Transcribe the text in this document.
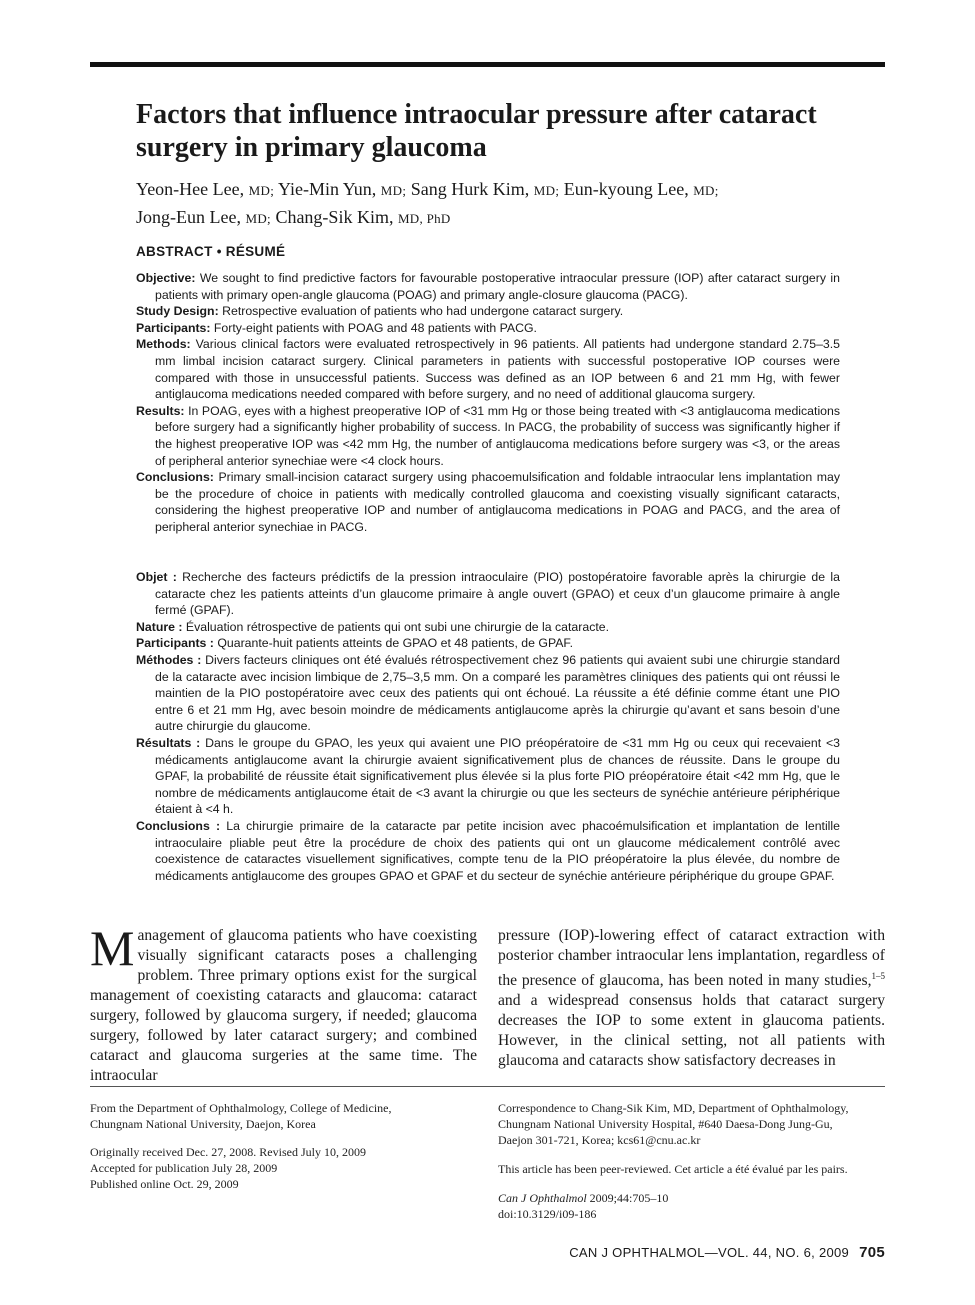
Factors that influence intraocular pressure after cataract surgery in primary glaucoma
Yeon-Hee Lee, MD; Yie-Min Yun, MD; Sang Hurk Kim, MD; Eun-kyoung Lee, MD;
Jong-Eun Lee, MD; Chang-Sik Kim, MD, PhD
ABSTRACT • RÉSUMÉ

Objective: We sought to find predictive factors for favourable postoperative intraocular pressure (IOP) after cataract surgery in patients with primary open-angle glaucoma (POAG) and primary angle-closure glaucoma (PACG).

Study Design: Retrospective evaluation of patients who had undergone cataract surgery.

Participants: Forty-eight patients with POAG and 48 patients with PACG.

Methods: Various clinical factors were evaluated retrospectively in 96 patients. All patients had undergone standard 2.75–3.5 mm limbal incision cataract surgery. Clinical parameters in patients with successful postoperative IOP courses were compared with those in unsuccessful patients. Success was defined as an IOP between 6 and 21 mm Hg, with fewer antiglaucoma medications needed compared with before surgery, and no need of additional glaucoma surgery.

Results: In POAG, eyes with a highest preoperative IOP of <31 mm Hg or those being treated with <3 antiglaucoma medications before surgery had a significantly higher probability of success. In PACG, the probability of success was significantly higher if the highest preoperative IOP was <42 mm Hg, the number of antiglaucoma medications before surgery was <3, or the areas of peripheral anterior synechiae were <4 clock hours.

Conclusions: Primary small-incision cataract surgery using phacoemulsification and foldable intraocular lens implantation may be the procedure of choice in patients with medically controlled glaucoma and coexisting visually significant cataracts, considering the highest preoperative IOP and number of antiglaucoma medications in POAG and PACG, and the area of peripheral anterior synechiae in PACG.

Objet : Recherche des facteurs prédictifs de la pression intraoculaire (PIO) postopératoire favorable après la chirurgie de la cataracte chez les patients atteints d’un glaucome primaire à angle ouvert (GPAO) et ceux d’un glaucome primaire à angle fermé (GPAF).

Nature : Évaluation rétrospective de patients qui ont subi une chirurgie de la cataracte.

Participants : Quarante-huit patients atteints de GPAO et 48 patients, de GPAF.

Méthodes : Divers facteurs cliniques ont été évalués rétrospectivement chez 96 patients qui avaient subi une chirurgie standard de la cataracte avec incision limbique de 2,75–3,5 mm. On a comparé les paramètres cliniques des patients qui ont réussi le maintien de la PIO postopératoire avec ceux des patients qui ont échoué. La réussite a été définie comme étant une PIO entre 6 et 21 mm Hg, avec besoin moindre de médicaments antiglaucome après la chirurgie qu’avant et sans besoin d’une autre chirurgie du glaucome.

Résultats : Dans le groupe du GPAO, les yeux qui avaient une PIO préopératoire de <31 mm Hg ou ceux qui recevaient <3 médicaments antiglaucome avant la chirurgie avaient significativement plus de chances de réussite. Dans le groupe du GPAF, la probabilité de réussite était significativement plus élevée si la plus forte PIO préopératoire était <42 mm Hg, que le nombre de médicaments antiglaucome était de <3 avant la chirurgie ou que les secteurs de synéchie antérieure périphérique étaient à <4 h.

Conclusions : La chirurgie primaire de la cataracte par petite incision avec phacoémulsification et implantation de lentille intraoculaire pliable peut être la procédure de choix des patients qui ont un glaucome médicalement contrôlé avec coexistence de cataractes visuellement significatives, compte tenu de la PIO préopératoire la plus élevée, du nombre de médicaments antiglaucome des groupes GPAO et GPAF et du secteur de synéchie antérieure périphérique du groupe GPAF.

Management of glaucoma patients who have coexisting visually significant cataracts poses a challenging problem. Three primary options exist for the surgical management of coexisting cataracts and glaucoma: cataract surgery, followed by glaucoma surgery, if needed; glaucoma surgery, followed by later cataract surgery; and combined cataract and glaucoma surgeries at the same time. The intraocular

pressure (IOP)-lowering effect of cataract extraction with posterior chamber intraocular lens implantation, regardless of the presence of glaucoma, has been noted in many studies,$^{1-5}$ and a widespread consensus holds that cataract surgery decreases the IOP to some extent in glaucoma patients. However, in the clinical setting, not all patients with glaucoma and cataracts show satisfactory decreases in

From the Department of Ophthalmology, College of Medicine,
Chungnam National University, Daejon, Korea
Originally received Dec. 27, 2008. Revised July 10, 2009
Accepted for publication July 28, 2009
Published online Oct. 29, 2009
Correspondence to Chang-Sik Kim, MD, Department of Ophthalmology,
Chungnam National University Hospital, #640 Daesa-Dong Jung-Gu,
Daejon 301-721, Korea; kcs61@cnu.ac.kr
This article has been peer-reviewed. Cet article a été évalué par les pairs.
Can J Ophthalmol 2009;44:705–10
doi:10.3129/i09-186
CAN J OPHTHALMOL—VOL. 44, NO. 6, 2009 705
